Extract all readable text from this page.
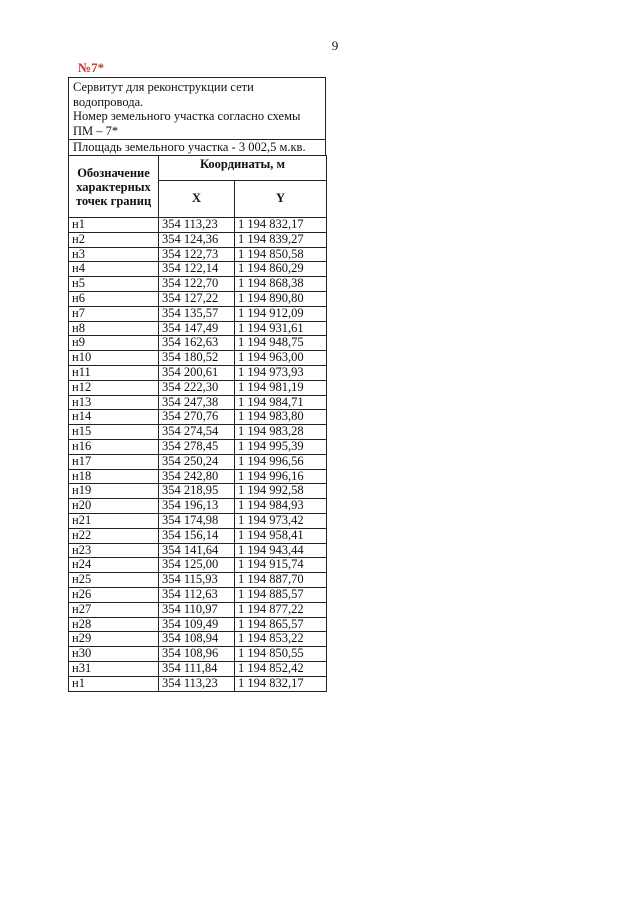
9
№7*
Сервитут для реконструкции сети
водопровода.
Номер земельного участка согласно схемы
ПМ – 7*
Площадь земельного участка - 3 002,5 м.кв.
Обозначение характерных точек границ	Координаты, м	
	X	Y
н1	354 113,23	1 194 832,17
н2	354 124,36	1 194 839,27
н3	354 122,73	1 194 850,58
н4	354 122,14	1 194 860,29
н5	354 122,70	1 194 868,38
н6	354 127,22	1 194 890,80
н7	354 135,57	1 194 912,09
н8	354 147,49	1 194 931,61
н9	354 162,63	1 194 948,75
н10	354 180,52	1 194 963,00
н11	354 200,61	1 194 973,93
н12	354 222,30	1 194 981,19
н13	354 247,38	1 194 984,71
н14	354 270,76	1 194 983,80
н15	354 274,54	1 194 983,28
н16	354 278,45	1 194 995,39
н17	354 250,24	1 194 996,56
н18	354 242,80	1 194 996,16
н19	354 218,95	1 194 992,58
н20	354 196,13	1 194 984,93
н21	354 174,98	1 194 973,42
н22	354 156,14	1 194 958,41
н23	354 141,64	1 194 943,44
н24	354 125,00	1 194 915,74
н25	354 115,93	1 194 887,70
н26	354 112,63	1 194 885,57
н27	354 110,97	1 194 877,22
н28	354 109,49	1 194 865,57
н29	354 108,94	1 194 853,22
н30	354 108,96	1 194 850,55
н31	354 111,84	1 194 852,42
н1	354 113,23	1 194 832,17
